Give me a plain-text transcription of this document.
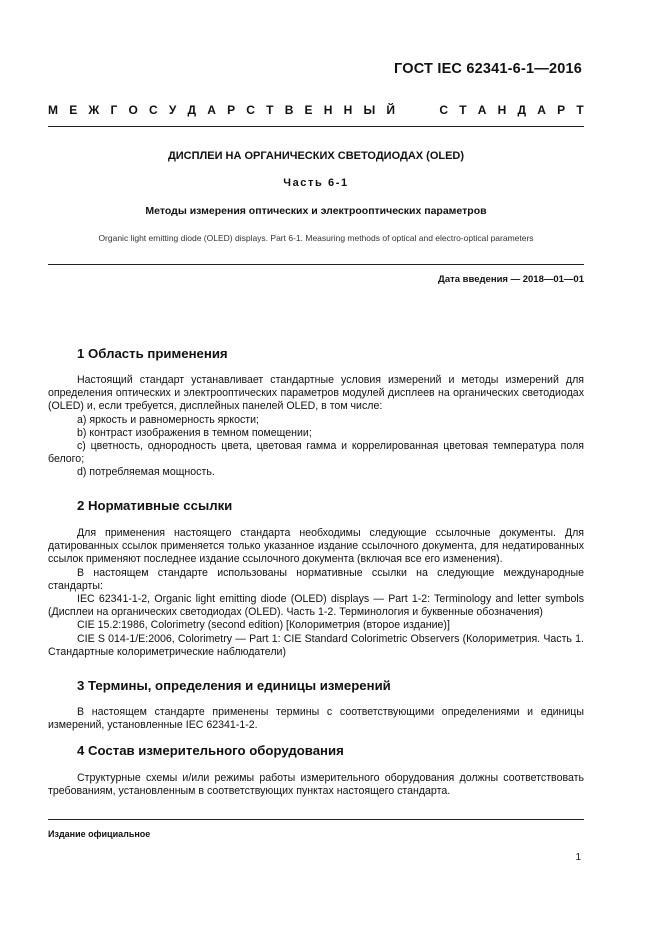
ГОСТ IEC 62341-6-1—2016
М Е Ж Г О С У Д А Р С Т В Е Н Н Ы Й	С Т А Н Д А Р Т
ДИСПЛЕИ НА ОРГАНИЧЕСКИХ СВЕТОДИОДАХ (OLED)
Часть 6-1
Методы измерения оптических и электрооптических параметров
Organic light emitting diode (OLED) displays. Part 6-1. Measuring methods of optical and electro-optical parameters
Дата введения — 2018—01—01
1 Область применения

Настоящий стандарт устанавливает стандартные условия измерений и методы измерений для определения оптических и электрооптических параметров модулей дисплеев на органических светодиодах (OLED) и, если требуется, дисплейных панелей OLED, в том числе:

a) яркость и равномерность яркости;

b) контраст изображения в темном помещении;

c) цветность, однородность цвета, цветовая гамма и коррелированная цветовая температура поля белого;

d) потребляемая мощность.

2 Нормативные ссылки

Для применения настоящего стандарта необходимы следующие ссылочные документы. Для датированных ссылок применяется только указанное издание ссылочного документа, для недатированных ссылок применяют последнее издание ссылочного документа (включая все его изменения).

В настоящем стандарте использованы нормативные ссылки на следующие международные стандарты:

IEC 62341-1-2, Organic light emitting diode (OLED) displays — Part 1-2: Terminology and letter symbols (Дисплеи на органических светодиодах (OLED). Часть 1-2. Терминология и буквенные обозначения)

CIE 15.2:1986, Colorimetry (second edition) [Колориметрия (второе издание)]

CIE S 014-1/E:2006, Colorimetry — Part 1: CIE Standard Colorimetric Observers (Колориметрия. Часть 1. Стандартные колориметрические наблюдатели)

3 Термины, определения и единицы измерений

В настоящем стандарте применены термины с соответствующими определениями и единицы измерений, установленные IEC 62341-1-2.

4 Состав измерительного оборудования

Структурные схемы и/или режимы работы измерительного оборудования должны соответствовать требованиям, установленным в соответствующих пунктах настоящего стандарта.

Издание официальное
1
